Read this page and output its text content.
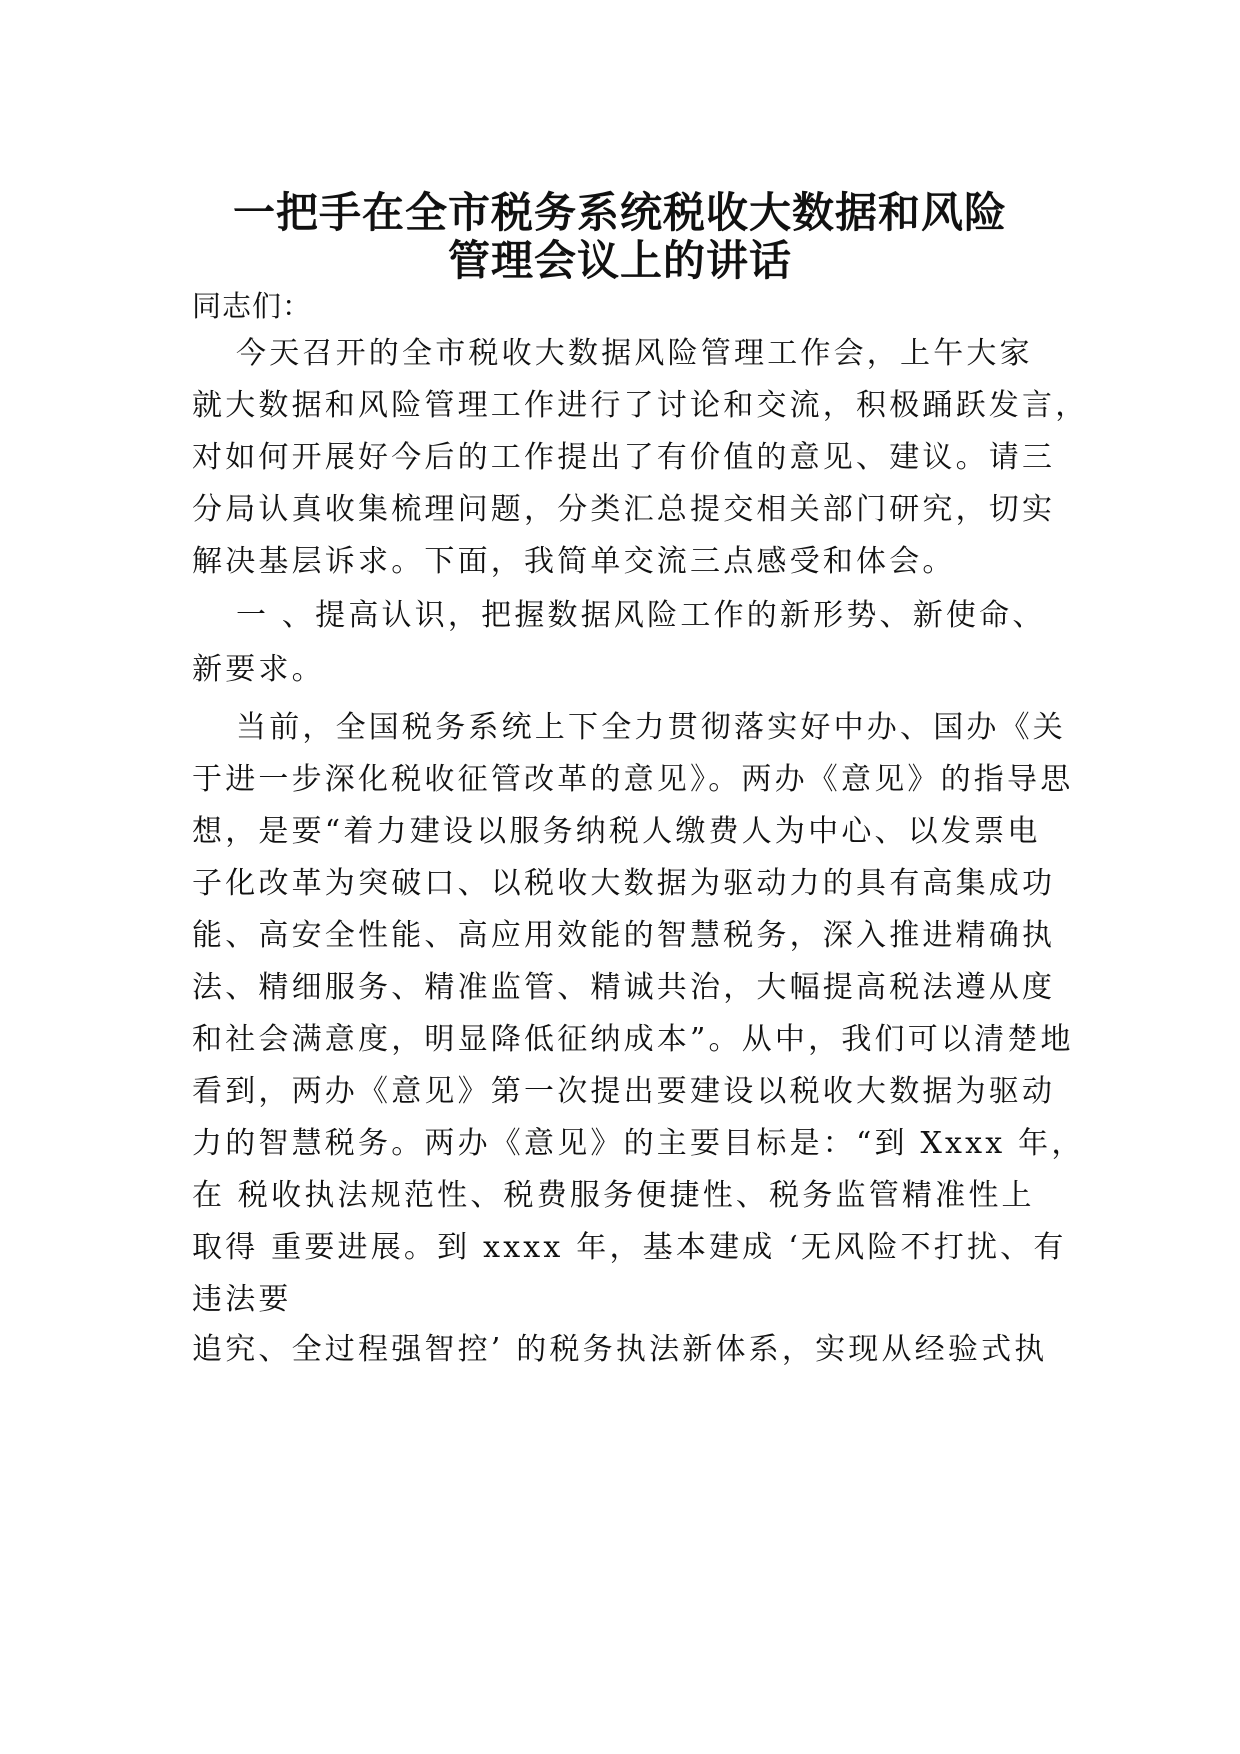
一把手在全市税务系统税收大数据和风险
管理会议上的讲话
同志们：
今天召开的全市税收大数据风险管理工作会，上午大家
就大数据和风险管理工作进行了讨论和交流，积极踊跃发言，
对如何开展好今后的工作提出了有价值的意见、建议。请三
分局认真收集梳理问题，分类汇总提交相关部门研究，切实
解决基层诉求。下面，我简单交流三点感受和体会。
一 、提高认识，把握数据风险工作的新形势、新使命、
新要求。
当前，全国税务系统上下全力贯彻落实好中办、国办《关
于进一步深化税收征管改革的意见》。两办《意见》的指导思
想，是要“着力建设以服务纳税人缴费人为中心、以发票电
子化改革为突破口、以税收大数据为驱动力的具有高集成功
能、高安全性能、高应用效能的智慧税务，深入推进精确执
法、精细服务、精准监管、精诚共治，大幅提高税法遵从度
和社会满意度，明显降低征纳成本”。从中，我们可以清楚地
看到，两办《意见》第一次提出要建设以税收大数据为驱动
力的智慧税务。两办《意见》的主要目标是：“到 Xxxx 年，
在 税收执法规范性、税费服务便捷性、税务监管精准性上
取得 重要进展。到 xxxx 年，基本建成 ‘无风险不打扰、有
违法要
追究、全过程强智控’ 的税务执法新体系，实现从经验式执
